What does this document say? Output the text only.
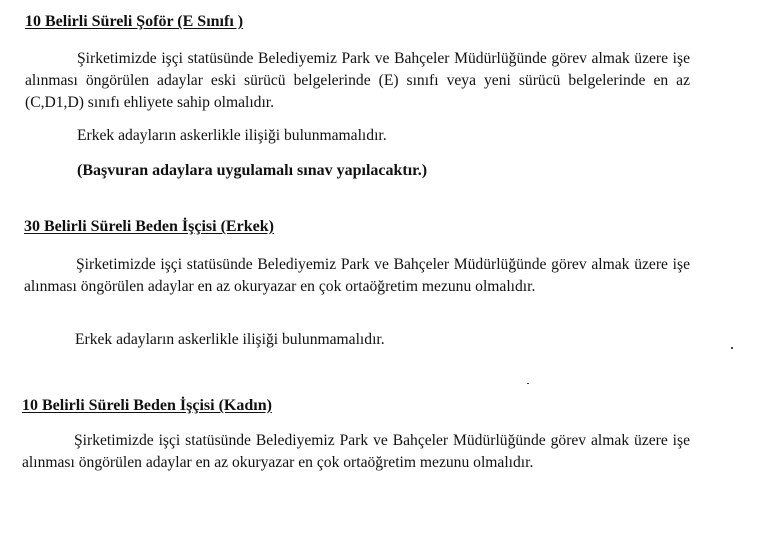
10 Belirli Süreli Şoför (E Sınıfı )

Şirketimizde işçi statüsünde Belediyemiz Park ve Bahçeler Müdürlüğünde görev almak üzere işe alınması öngörülen adaylar eski sürücü belgelerinde (E) sınıfı veya yeni sürücü belgelerinde en az (C,D1,D) sınıfı ehliyete sahip olmalıdır.

Erkek adayların askerlikle ilişiği bulunmamalıdır.

(Başvuran adaylara uygulamalı sınav yapılacaktır.)

30 Belirli Süreli Beden İşçisi (Erkek)

Şirketimizde işçi statüsünde Belediyemiz Park ve Bahçeler Müdürlüğünde görev almak üzere işe alınması öngörülen adaylar en az okuryazar en çok ortaöğretim mezunu olmalıdır.

Erkek adayların askerlikle ilişiği bulunmamalıdır.

10 Belirli Süreli Beden İşçisi (Kadın)

Şirketimizde işçi statüsünde Belediyemiz Park ve Bahçeler Müdürlüğünde görev almak üzere işe alınması öngörülen adaylar en az okuryazar en çok ortaöğretim mezunu olmalıdır.
